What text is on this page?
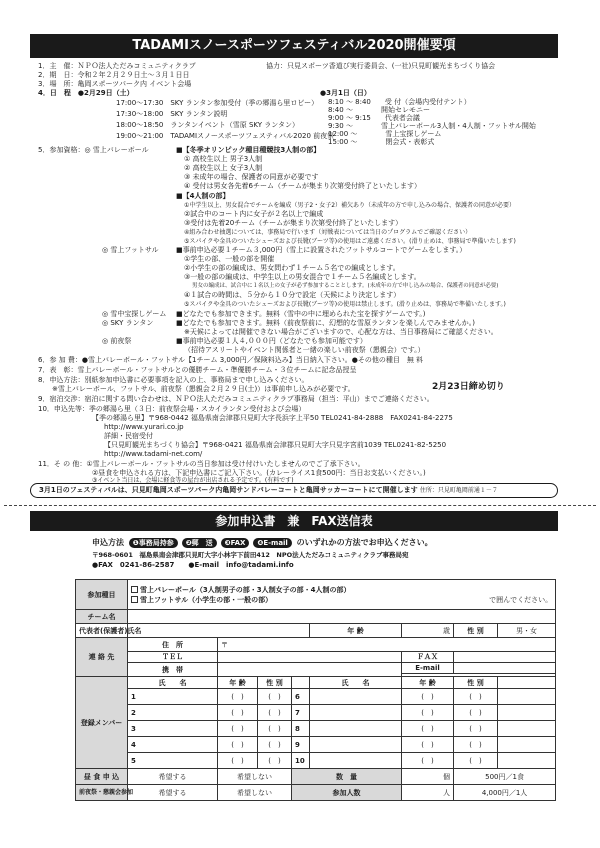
TADAMIスノースポーツフェスティバル2020開催要項
1．主　催：ＮＰＯ法人ただみコミュニティクラブ	協力：只見スポーツ香道び実行委員会、(一社)只見町観光まちづくり協会
2．期　日：令和２年２月２９日土～３月１日日
3．場　所：亀岡スポーツパーク内 イベント会場
4．日　程　●2月29日（土）	●3月1日（日）
17:00～17:30　SKY ランタン参加受付（季の郷湯ら里ロビー）
17:30～18:00　SKY ランタン説明
18:00～18:50　ランタンイベント（雪原 SKY ランタン）
19:00～21:00　TADAMIスノースポーツフェスティバル2020 前夜祭
8:10 ～ 8:40　　受 付（会場内受付テント）
8:40 ～　　　　開始セレモニー
9:00 ～ 9:15　　代表者会議
9:30 ～　　　　雪上バレーボール3人制・4人制・フットサル開始
12:00 ～　　　　雪上宝探しゲーム
15:00 ～　　　　閉会式・表彰式
5．参加資格：◎ 雪上バレーボール	■【冬季オリンピック種目種競技3人制の部】
① 高校生以上 男子3人制
② 高校生以上 女子3人制
③ 未成年の場合、保護者の同意が必要です
④ 受付は男女各先着6チーム（チームが集まり次第受付終了といたします）
■【4人制の部】
①中学生以上、男女混合でチームを編成（男子2・女子2）補欠あり（未成年の方で申し込みの場合、保護者の同意が必要）
②試合中のコート内に女子が２名以上で編成
③受付は先着20チーム（チームが集まり次第受付終了といたします）
④組み合わせ抽選については、事務局で行います（対戦表については当日のプログラムでご確認ください）
⑤スパイクや金具のついたシューズおよび長靴(ブーツ等)の使用はご遠慮ください。(滑り止めは、事務局で準備いたします)
◎ 雪上フットサル	■事前申込必要１チーム３,000円（雪上に設置されたフットサルコートでゲームをします。）
①学生の部、一般の部を開催
②小学生の部の編成は、男女問わず１チーム５名での編成とします。
③一般の部の編成は、中学生以上の男女混合で１チーム５名編成とします。
男女の編成は、試合中に１名以上の女子が必ず参加することとします。(未成年の方で申し込みの場合、保護者の同意が必要)
④１試合の時間は、５分から１０分で設定（天候により決定します）
⑤スパイクや金具のついたシューズおよび長靴(ブーツ等)の使用は禁止します。(滑り止めは、事務局で準備いたします。)
◎ 雪中宝探しゲーム ■どなたでも参加できます。無料（雪中の中に埋められた宝を探すゲームです。)
◎ SKY ランタン	■どなたでも参加できます。無料（前夜祭前に、幻想的な雪原ランタンを楽しんでみませんか。)
※天候によっては開催できない場合がございますので、心配な方は、当日事務局にご確認ください。
◎ 前夜祭	■事前申込必要１人４,０００円（どなたでも参加可能です）
（招待アスリートやイベント関係者と一緒の楽しい前夜祭（懇親会）です。）
6．参 加 費：●雪上バレーボール・フットサル【1チーム 3,000円／保険料込み】当日納入下さい。●その他の種目　無 料
7．表　彰：雪上バレーボール・フットサルとの優勝チーム・準優勝チーム・３位チームに記念品授呈
8．申込方法：別紙参加申込書に必要事項を記入の上、事務局まで申し込みください。
　　※雪上バレーボール、フットサル、前夜祭（懇親会２月２９日(土)）は事前申し込みが必要です。	2月23日締め切り
9．宿泊交渉：宿泊に関する問い合わせは、ＮＰＯ法人ただみコミュニティクラブ事務局（担当：平山）までご連絡ください。
10．申込先等：季の郷湯ら里（３日：前夜祭会場・スカイランタン受付および会場）
【季の郷湯ら里】〒968-0442 福島県南会津郡只見町大字長浜字上平50 TEL0241-84-2888　FAX0241-84-2275
http://www.yurari.co.jp
詳細・民宿受付
【只見町観光まちづくり協会】〒968-0421 福島県南会津郡只見町大字只見字宮前1039 TEL0241-82-5250
http://www.tadami-net.com/
11．そ の 他：①雪上バレーボール・フットサルの当日参加は受け付けいたしませんのでご了承下さい。
②昼食を申込される方は、下記申込書にご記入下さい。(カレーライス1食500円：当日お支払いください。)
③イベント当日は、会場に軽食等の屋台が出店される予定です。(有料です)
3月1日のフェスティバルは、只見町亀岡スポーツパーク内亀岡サンドバレーコートと亀岡サッカーコートにて開催します 住所：只見町亀岡前通１－７
参加申込書　兼　FAX送信表
申込方法 ❶事務局持参 ❷郵　送 ❸FAX ❹E-mail のいずれかの方法でお申込ください。
〒968-0601　福島県南会津郡只見町大字小林字下前田412　NPO法人ただみコミュニティクラブ事務局宛
●FAX　0241-86-2587　　●E-mail　info@tadami.info
参加種目	雪上バレーボール（3人制男子の部・3人制女子の部・4人制の部）
雪上フットサル（小学生の部・一般の部） で囲んでください。							

チーム名								
代表者(保護者)氏名					年 齢	歳	性 別	男・女
連 絡 先	住　所	〒						
	ＴＥＬ					ＦＡＸ		
	携　帯					E-mail		

登録メンバー	氏　　名	年 齢	性 別		氏　　名	年 齢	性 別	
	1	(　)	(　)	6		(　)	(　)	
	2	(　)	(　)	7		(　)	(　)	
	3	(　)	(　)	8		(　)	(　)	
	4	(　)	(　)	9		(　)	(　)	
	5	(　)	(　)	10		(　)	(　)	
昼 食 申 込	希望する	希望しない		数　量		個	500円／1食	
前夜祭・懇親会参加	希望する	希望しない		参加人数		人	4,000円／1人	
